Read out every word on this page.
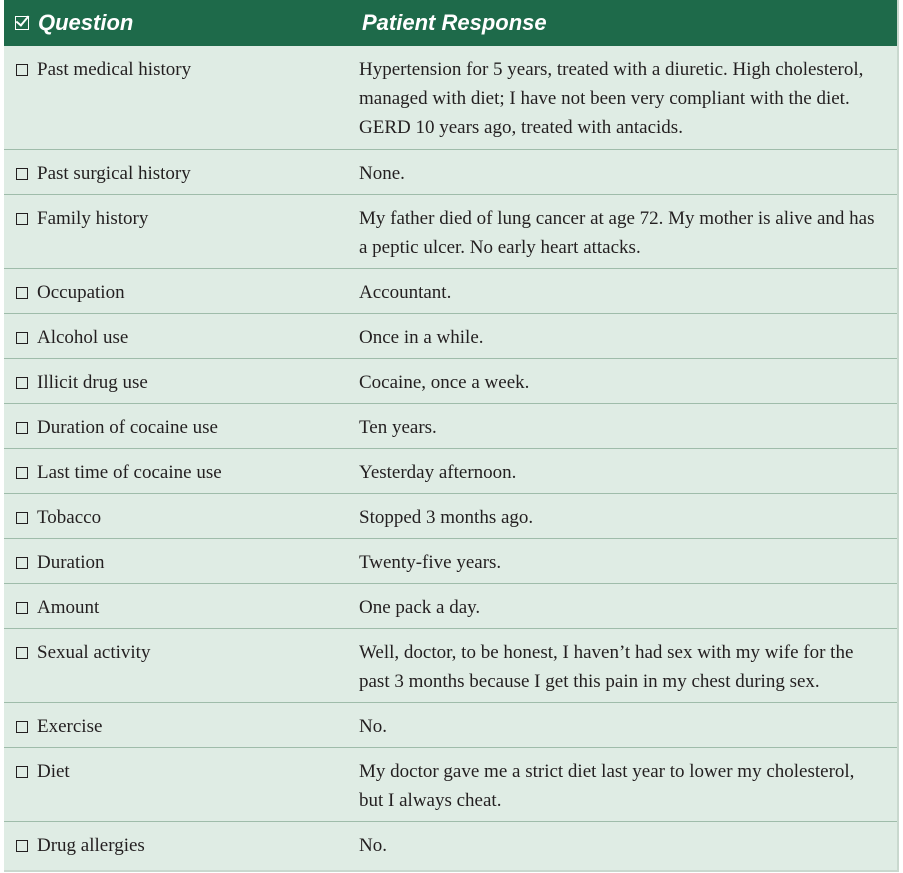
Question	Patient Response
Past medical history	Hypertension for 5 years, treated with a diuretic. High cholesterol, managed with diet; I have not been very compliant with the diet. GERD 10 years ago, treated with antacids.
Past surgical history	None.
Family history	My father died of lung cancer at age 72. My mother is alive and has a peptic ulcer. No early heart attacks.
Occupation	Accountant.
Alcohol use	Once in a while.
Illicit drug use	Cocaine, once a week.
Duration of cocaine use	Ten years.
Last time of cocaine use	Yesterday afternoon.
Tobacco	Stopped 3 months ago.
Duration	Twenty-five years.
Amount	One pack a day.
Sexual activity	Well, doctor, to be honest, I haven’t had sex with my wife for the past 3 months because I get this pain in my chest during sex.
Exercise	No.
Diet	My doctor gave me a strict diet last year to lower my cholesterol, but I always cheat.
Drug allergies	No.
